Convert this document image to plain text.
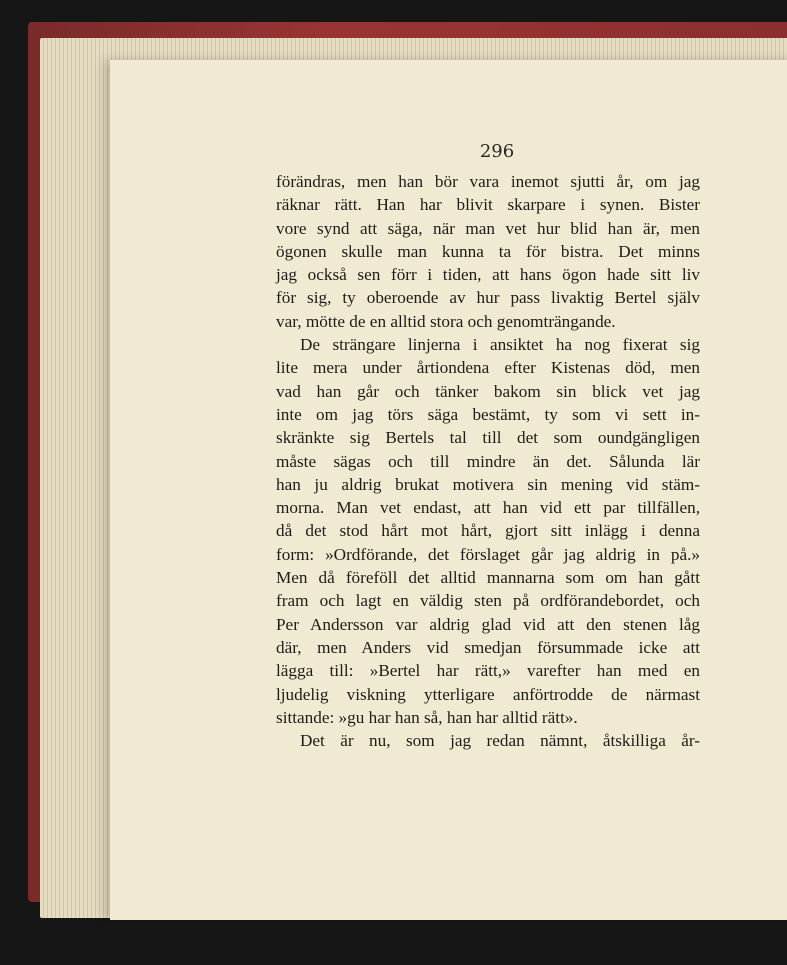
296
förändras, men han bör vara inemot sjutti år, om jag
räknar rätt. Han har blivit skarpare i synen. Bister
vore synd att säga, när man vet hur blid han är, men
ögonen skulle man kunna ta för bistra. Det minns
jag också sen förr i tiden, att hans ögon hade sitt liv
för sig, ty oberoende av hur pass livaktig Bertel själv
var, mötte de en alltid stora och genomträngande.
De strängare linjerna i ansiktet ha nog fixerat sig
lite mera under årtiondena efter Kistenas död, men
vad han går och tänker bakom sin blick vet jag
inte om jag törs säga bestämt, ty som vi sett in-
skränkte sig Bertels tal till det som oundgängligen
måste sägas och till mindre än det. Sålunda lär
han ju aldrig brukat motivera sin mening vid stäm-
morna. Man vet endast, att han vid ett par tillfällen,
då det stod hårt mot hårt, gjort sitt inlägg i denna
form: »Ordförande, det förslaget går jag aldrig in på.»
Men då föreföll det alltid mannarna som om han gått
fram och lagt en väldig sten på ordförandebordet, och
Per Andersson var aldrig glad vid att den stenen låg
där, men Anders vid smedjan försummade icke att
lägga till: »Bertel har rätt,» varefter han med en
ljudelig viskning ytterligare anförtrodde de närmast
sittande: »gu har han så, han har alltid rätt».
Det är nu, som jag redan nämnt, åtskilliga år-
